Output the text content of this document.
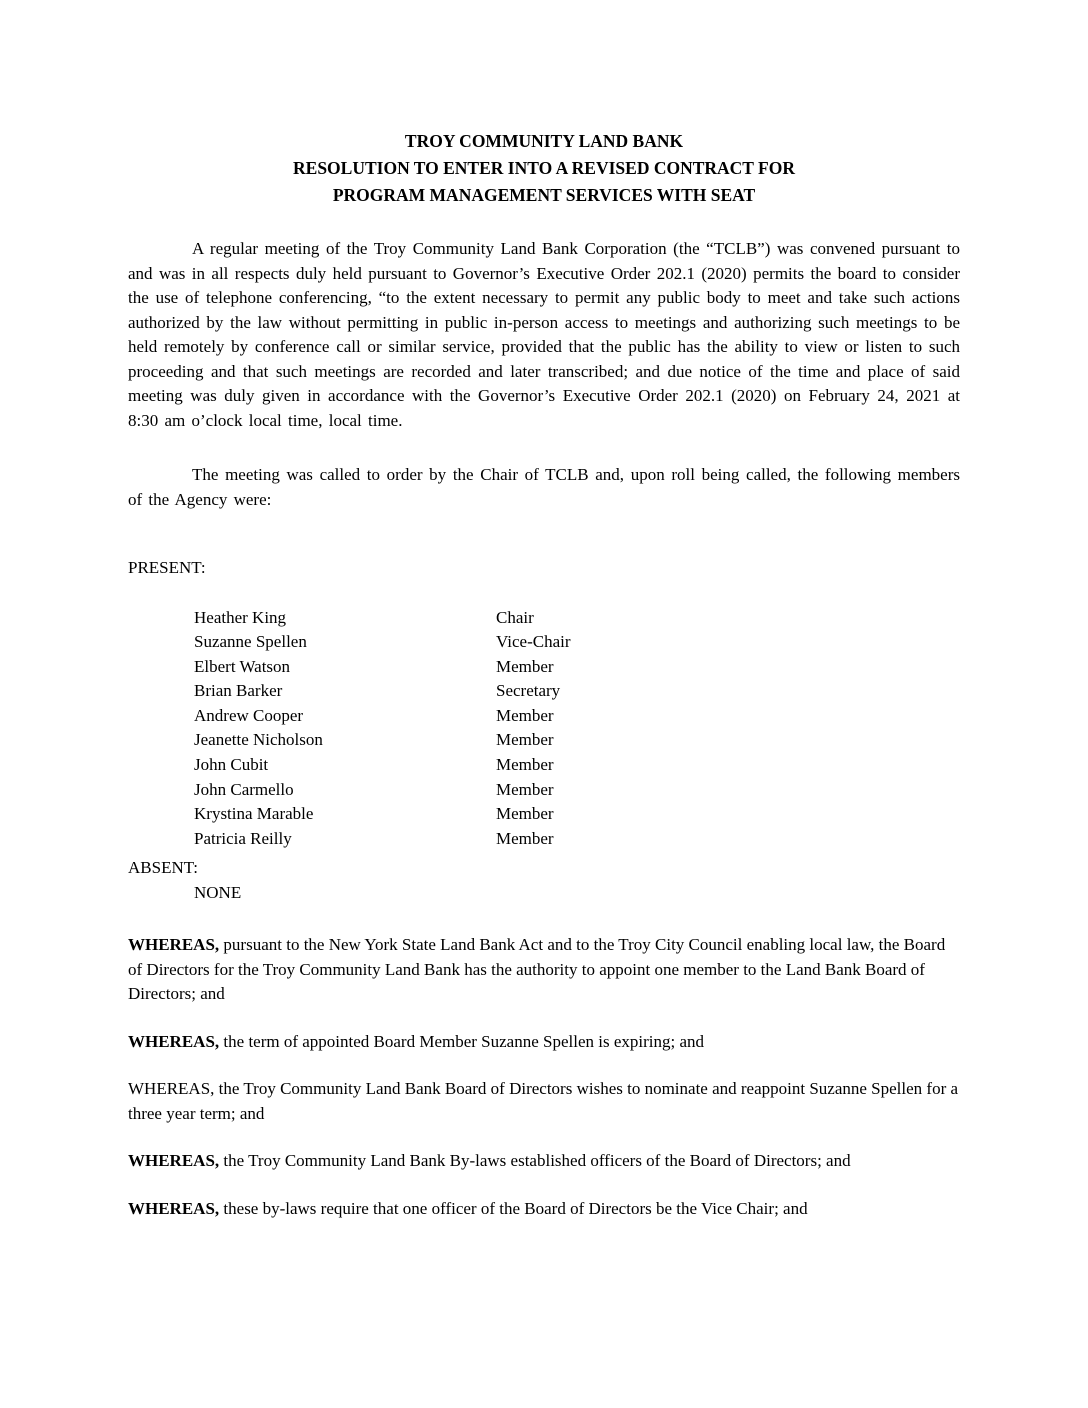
TROY COMMUNITY LAND BANK
RESOLUTION TO ENTER INTO A REVISED CONTRACT FOR
PROGRAM MANAGEMENT SERVICES WITH SEAT

A regular meeting of the Troy Community Land Bank Corporation (the “TCLB”) was convened pursuant to and was in all respects duly held pursuant to Governor’s Executive Order 202.1 (2020) permits the board to consider the use of telephone conferencing, “to the extent necessary to permit any public body to meet and take such actions authorized by the law without permitting in public in-person access to meetings and authorizing such meetings to be held remotely by conference call or similar service, provided that the public has the ability to view or listen to such proceeding and that such meetings are recorded and later transcribed; and due notice of the time and place of said meeting was duly given in accordance with the Governor’s Executive Order 202.1 (2020) on February 24, 2021 at 8:30 am o’clock local time, local time.

The meeting was called to order by the Chair of TCLB and, upon roll being called, the following members of the Agency were:

PRESENT:
Heather King	Chair
Suzanne Spellen	Vice-Chair
Elbert Watson	Member
Brian Barker	Secretary
Andrew Cooper	Member
Jeanette Nicholson	Member
John Cubit	Member
John Carmello	Member
Krystina Marable	Member
Patricia Reilly	Member
ABSENT:
NONE

WHEREAS, pursuant to the New York State Land Bank Act and to the Troy City Council enabling local law, the Board of Directors for the Troy Community Land Bank has the authority to appoint one member to the Land Bank Board of Directors; and

WHEREAS, the term of appointed Board Member Suzanne Spellen is expiring; and

WHEREAS, the Troy Community Land Bank Board of Directors wishes to nominate and reappoint Suzanne Spellen for a three year term; and

WHEREAS, the Troy Community Land Bank By-laws established officers of the Board of Directors; and

WHEREAS, these by-laws require that one officer of the Board of Directors be the Vice Chair; and
